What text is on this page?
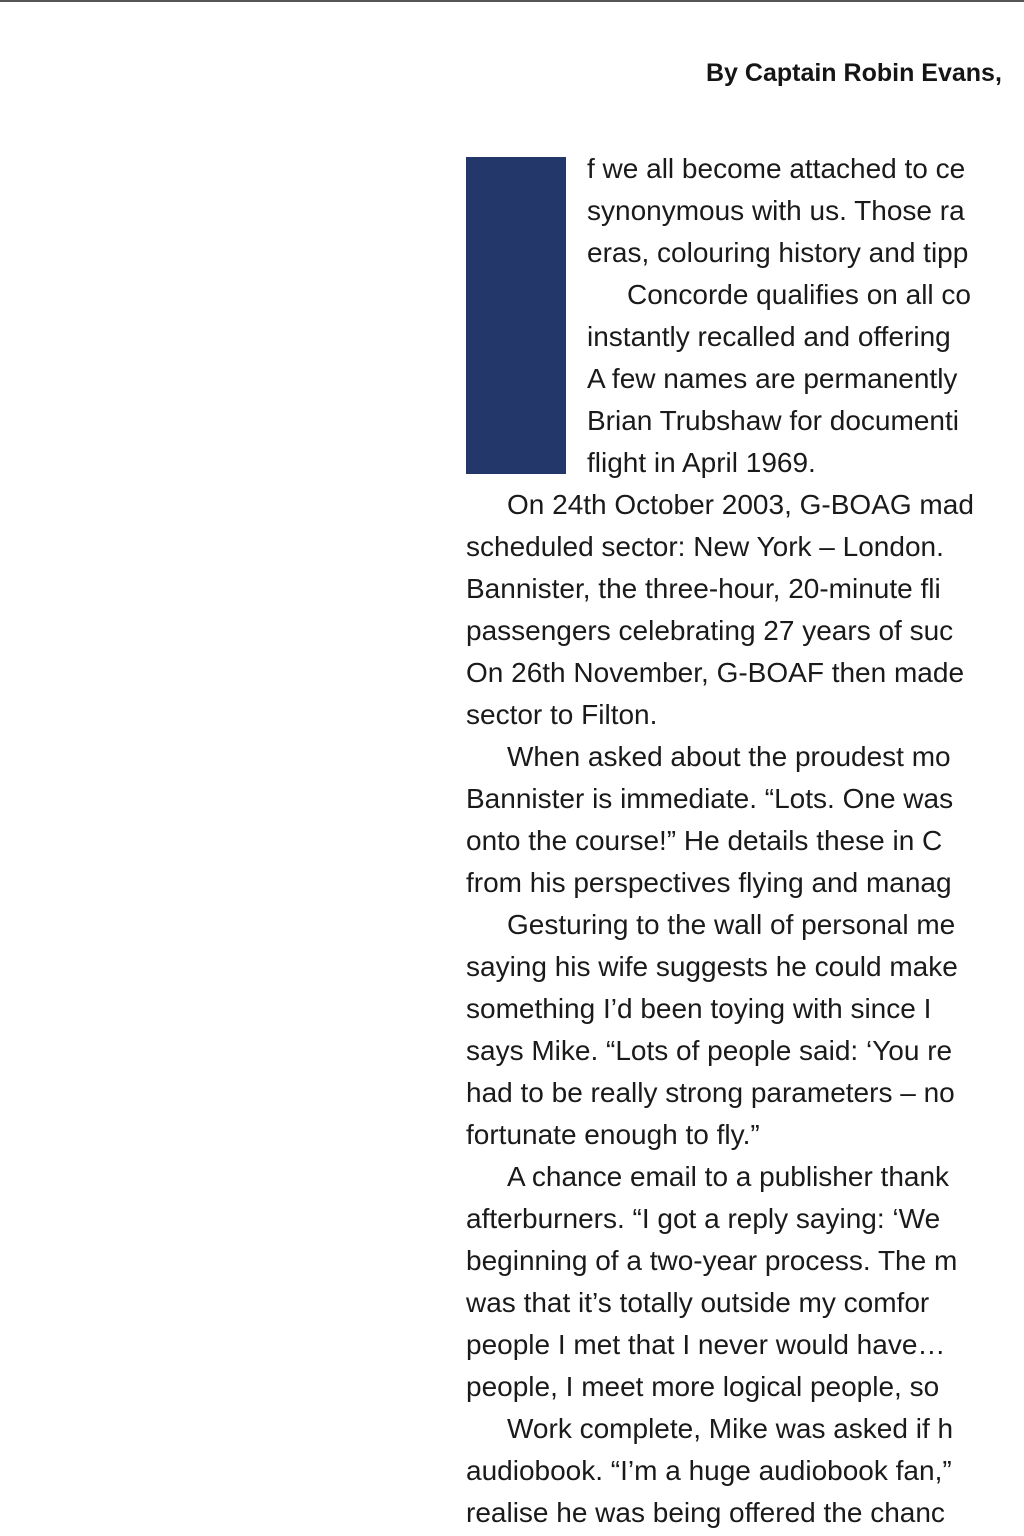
By Captain Robin Evans,
f we all become attached to ce
synonymous with us. Those ra
eras, colouring history and tipp
Concorde qualifies on all co
instantly recalled and offering
A few names are permanently
Brian Trubshaw for documenti
flight in April 1969.
On 24th October 2003, G-BOAG mad
scheduled sector: New York – London.
Bannister, the three-hour, 20-minute fli
passengers celebrating 27 years of suc
On 26th November, G-BOAF then made
sector to Filton.
When asked about the proudest mo
Bannister is immediate. “Lots. One was
onto the course!” He details these in C
from his perspectives flying and manag
Gesturing to the wall of personal me
saying his wife suggests he could make
something I’d been toying with since I
says Mike. “Lots of people said: ‘You re
had to be really strong parameters – no
fortunate enough to fly.”
A chance email to a publisher thank
afterburners. “I got a reply saying: ‘We
beginning of a two-year process. The m
was that it’s totally outside my comfor
people I met that I never would have…
people, I meet more logical people, so
Work complete, Mike was asked if h
audiobook. “I’m a huge audiobook fan,”
realise he was being offered the chanc
